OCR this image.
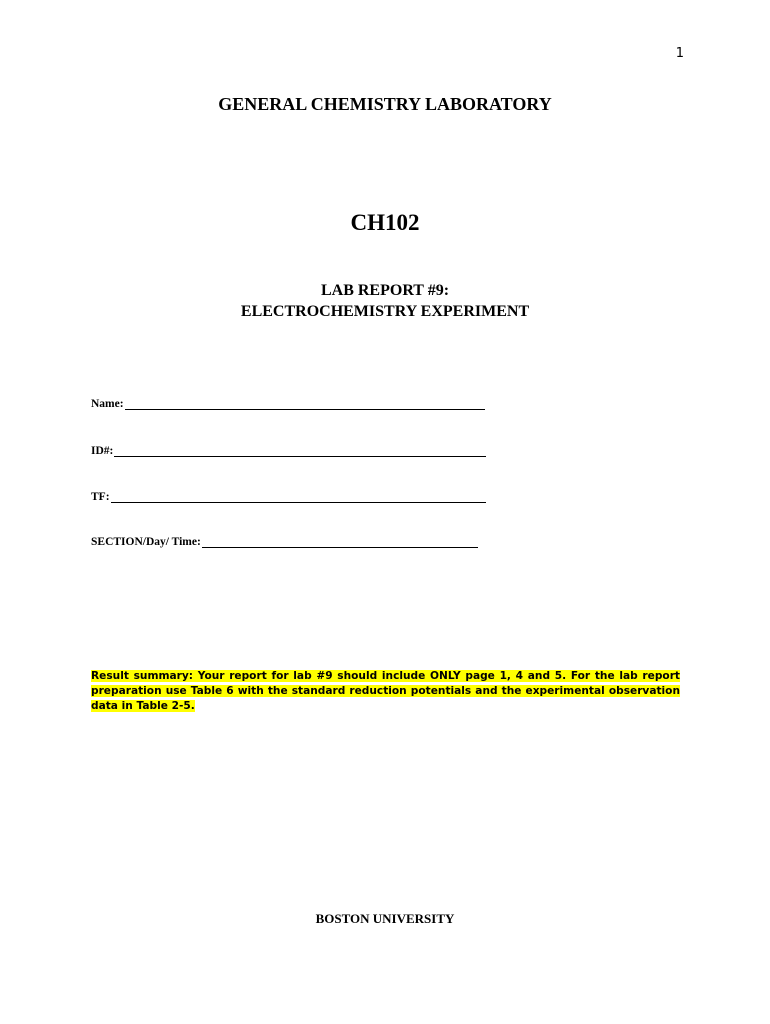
1
GENERAL CHEMISTRY LABORATORY
CH102
LAB REPORT #9:
ELECTROCHEMISTRY EXPERIMENT
Name:
ID#:
TF:
SECTION/Day/ Time:
Result summary: Your report for lab #9 should include ONLY page 1, 4 and 5. For the lab report preparation use Table 6 with the standard reduction potentials and the experimental observation data in Table 2-5.
BOSTON UNIVERSITY
